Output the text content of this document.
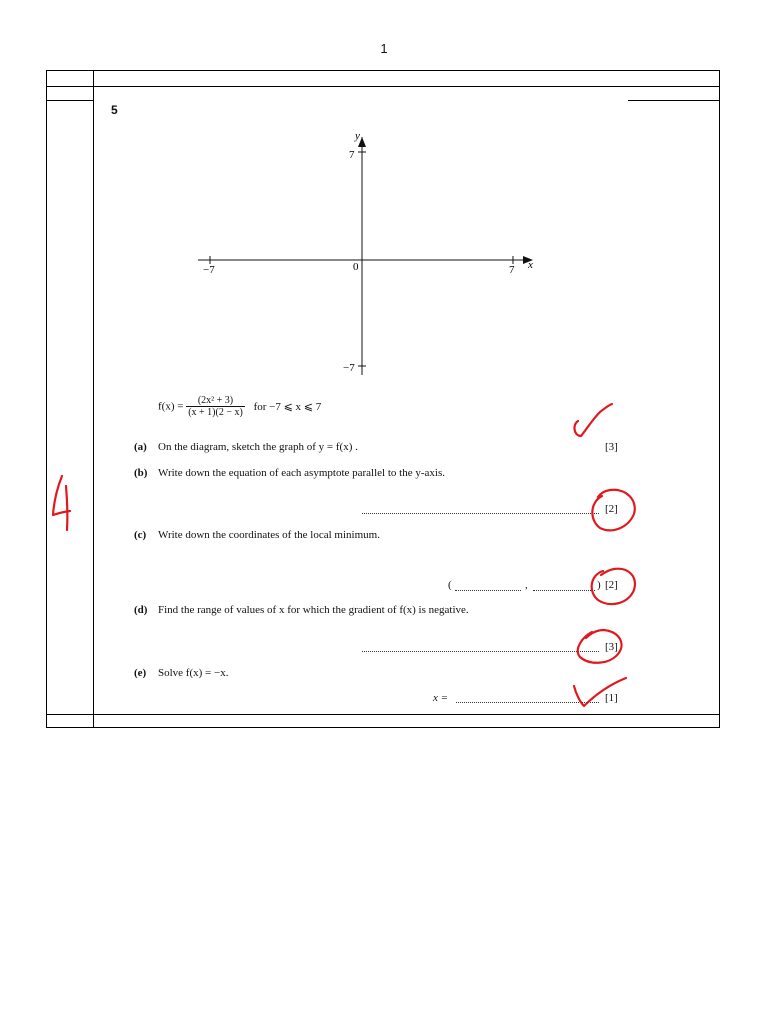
1
5
y
x
7
−7
−7	7
0
$f(x) = \frac{\text{(2x² + 3)}}{(x + 1)(2 - x)}$ for −7 ⩽ x ⩽ 7
(a) On the diagram, sketch the graph of y = f(x) .	[3]
(b) Write down the equation of each asymptote parallel to the y-axis.
[2]
(c) Write down the coordinates of the local minimum.
(	,	) [2]
(d) Find the range of values of x for which the gradient of f(x) is negative.
[3]
(e) Solve f(x) = −x.
x =	[1]
